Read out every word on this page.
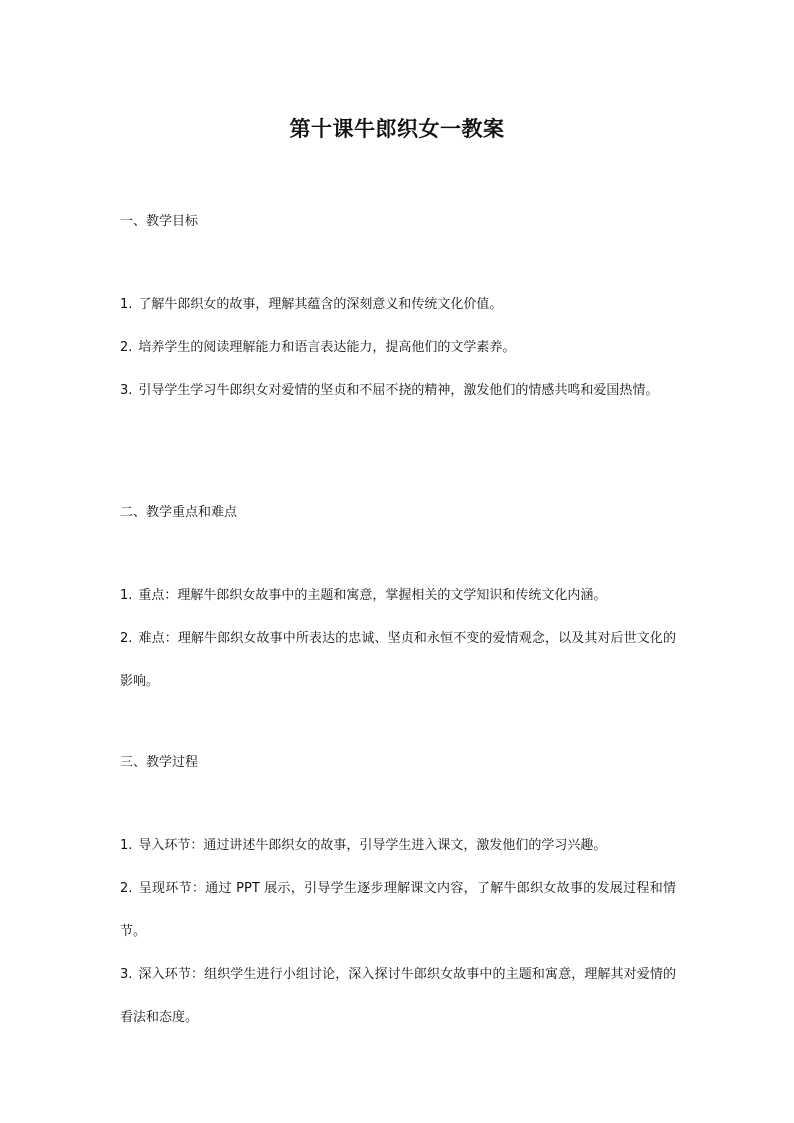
第十课牛郎织女一教案

一、教学目标

1. 了解牛郎织女的故事，理解其蕴含的深刻意义和传统文化价值。

2. 培养学生的阅读理解能力和语言表达能力，提高他们的文学素养。

3. 引导学生学习牛郎织女对爱情的坚贞和不屈不挠的精神，激发他们的情感共鸣和爱国热情。

二、教学重点和难点

1. 重点：理解牛郎织女故事中的主题和寓意，掌握相关的文学知识和传统文化内涵。

2. 难点：理解牛郎织女故事中所表达的忠诚、坚贞和永恒不变的爱情观念，以及其对后世文化的影响。

三、教学过程

1. 导入环节：通过讲述牛郎织女的故事，引导学生进入课文，激发他们的学习兴趣。

2. 呈现环节：通过 PPT 展示，引导学生逐步理解课文内容，了解牛郎织女故事的发展过程和情节。

3. 深入环节：组织学生进行小组讨论，深入探讨牛郎织女故事中的主题和寓意，理解其对爱情的看法和态度。
